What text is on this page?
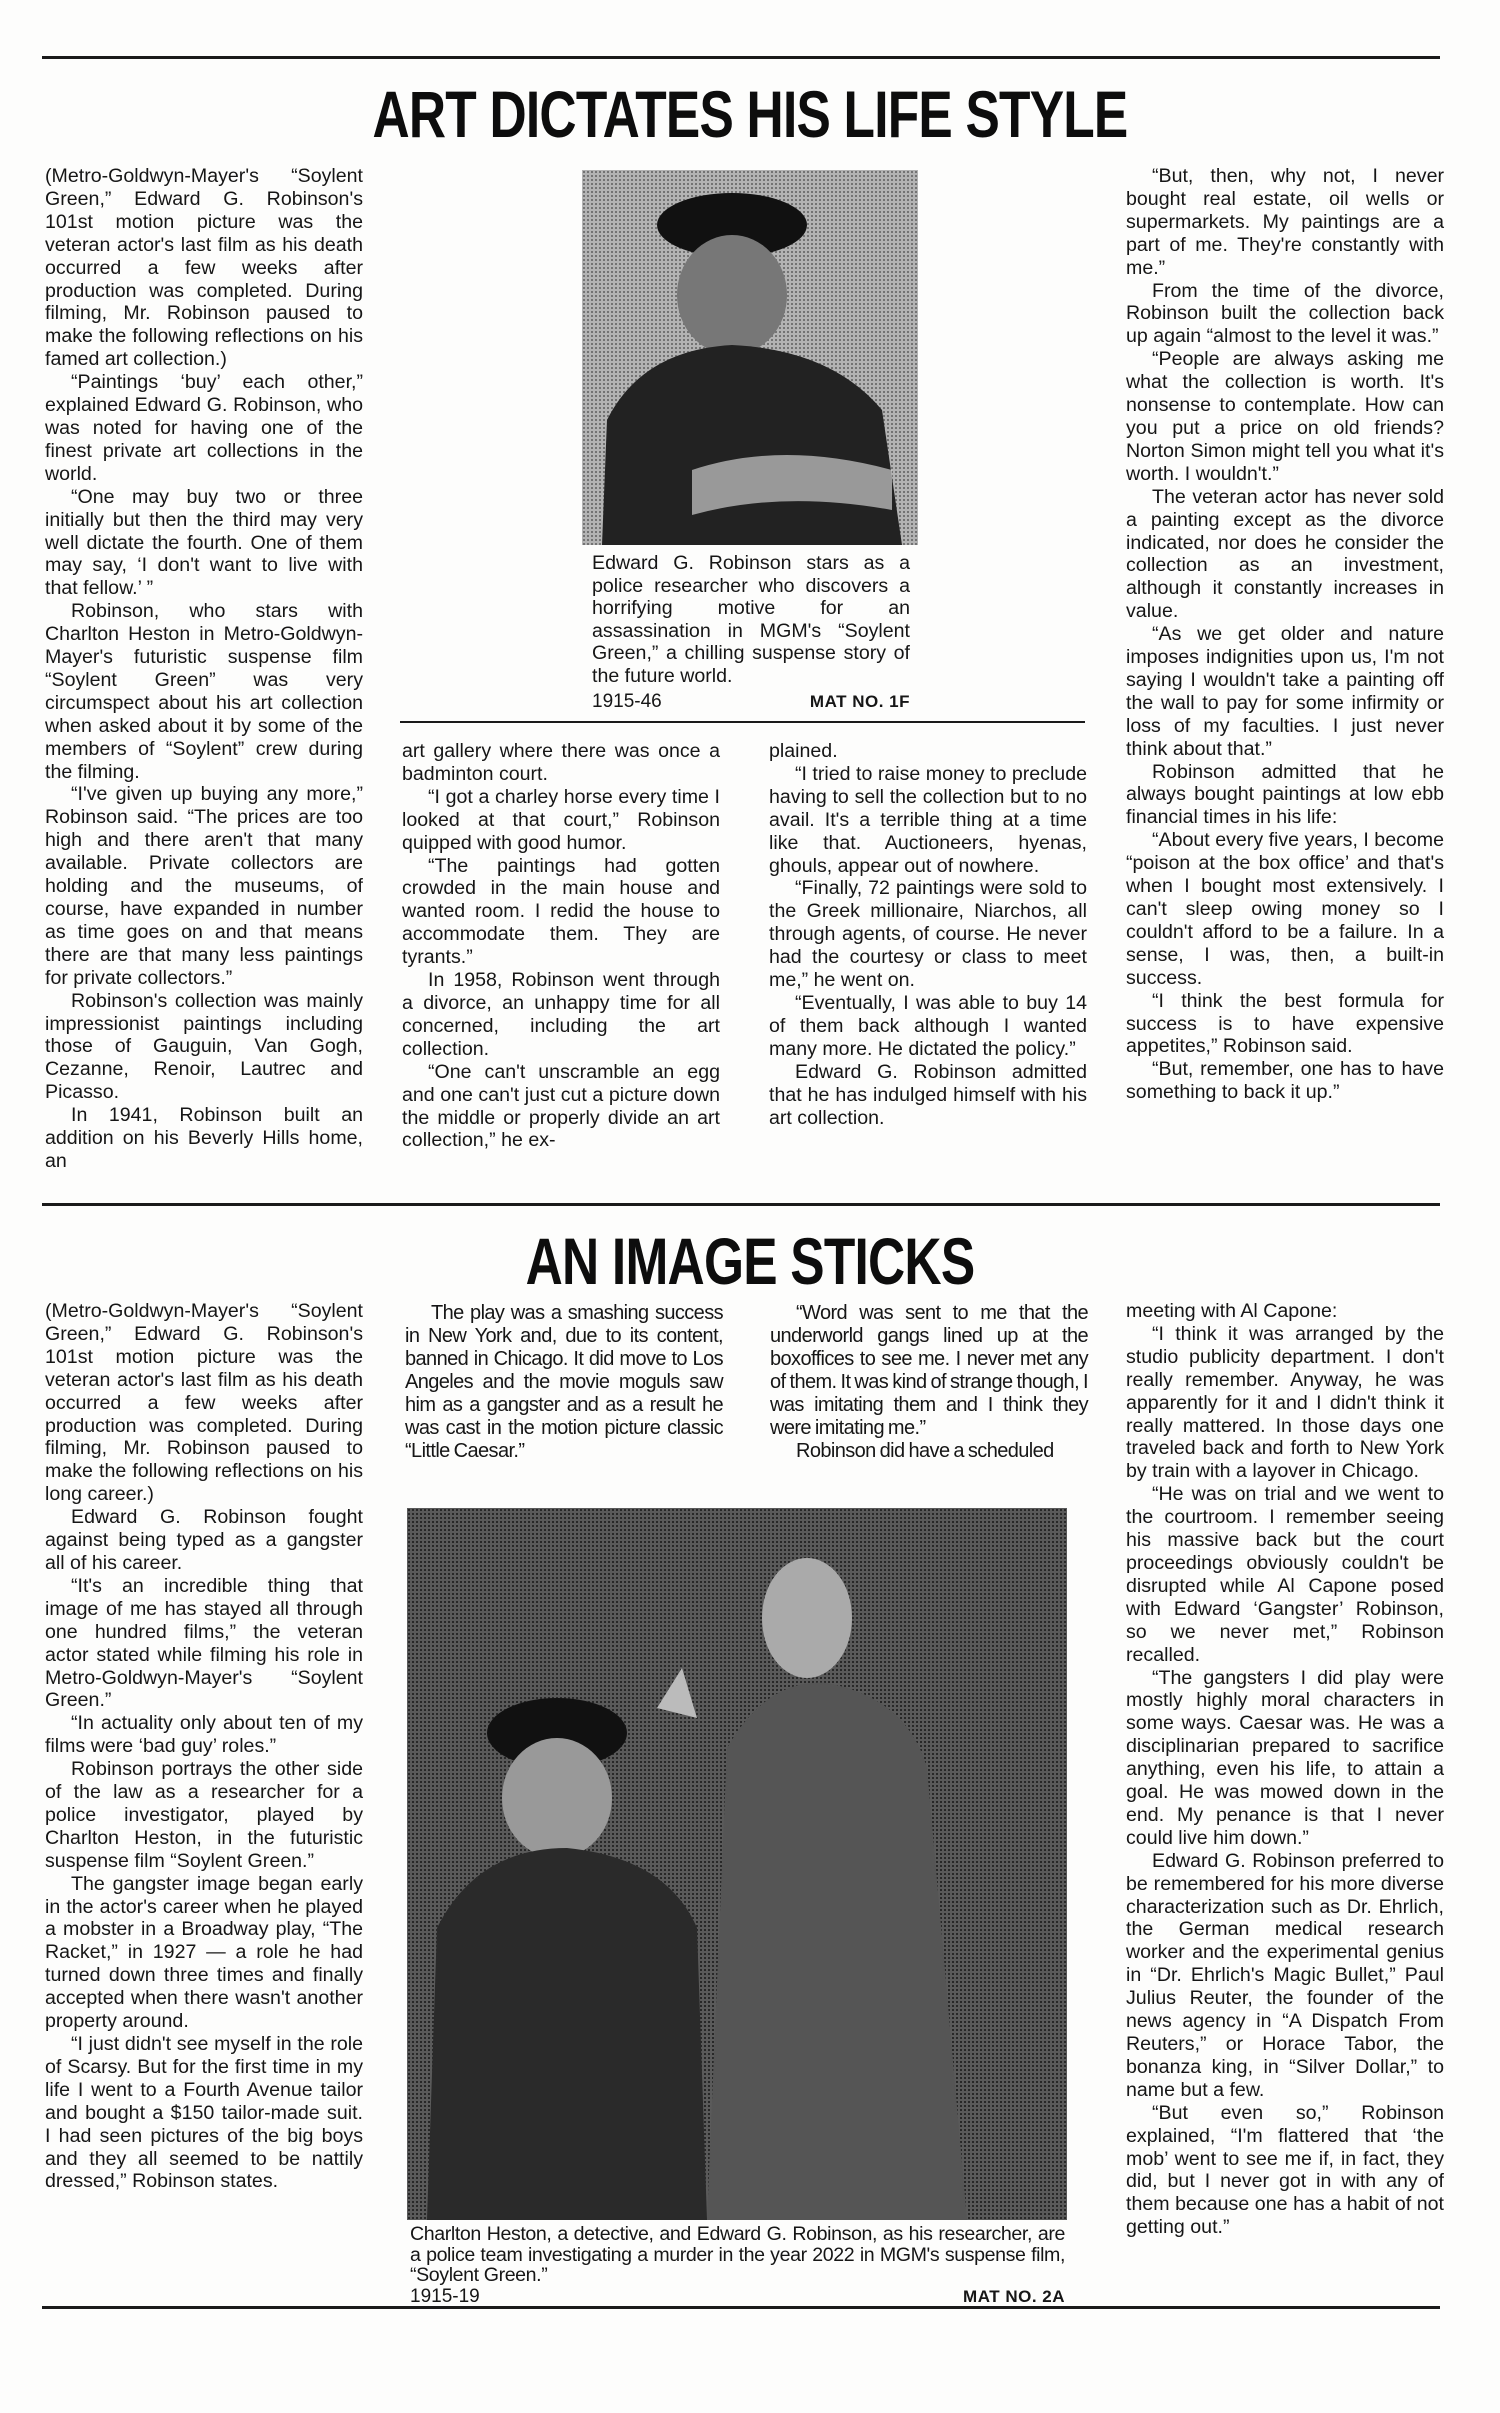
ART DICTATES HIS LIFE STYLE

(Metro-Goldwyn-Mayer's “Soylent Green,” Edward G. Robinson's 101st motion picture was the veteran actor's last film as his death occurred a few weeks after production was completed. During filming, Mr. Robinson paused to make the following reflections on his famed art collection.)

“Paintings ‘buy’ each other,” explained Edward G. Robinson, who was noted for having one of the finest private art collections in the world.

“One may buy two or three initially but then the third may very well dictate the fourth. One of them may say, ‘I don't want to live with that fellow.’ ”

Robinson, who stars with Charlton Heston in Metro-Goldwyn-Mayer's futuristic suspense film “Soylent Green” was very circumspect about his art collection when asked about it by some of the members of “Soylent” crew during the filming.

“I've given up buying any more,” Robinson said. “The prices are too high and there aren't that many available. Private collectors are holding and the museums, of course, have expanded in number as time goes on and that means there are that many less paintings for private collectors.”

Robinson's collection was mainly impressionist paintings including those of Gauguin, Van Gogh, Cezanne, Renoir, Lautrec and Picasso.

In 1941, Robinson built an addition on his Beverly Hills home, an

Edward G. Robinson stars as a police researcher who discovers a horrifying motive for an assassination in MGM's “Soylent Green,” a chilling suspense story of the future world.
1915-46	MAT NO. 1F

art gallery where there was once a badminton court.

“I got a charley horse every time I looked at that court,” Robinson quipped with good humor.

“The paintings had gotten crowded in the main house and wanted room. I redid the house to accommodate them. They are tyrants.”

In 1958, Robinson went through a divorce, an unhappy time for all concerned, including the art collection.

“One can't unscramble an egg and one can't just cut a picture down the middle or properly divide an art collection,” he ex-

plained.

“I tried to raise money to preclude having to sell the collection but to no avail. It's a terrible thing at a time like that. Auctioneers, hyenas, ghouls, appear out of nowhere.

“Finally, 72 paintings were sold to the Greek millionaire, Niarchos, all through agents, of course. He never had the courtesy or class to meet me,” he went on.

“Eventually, I was able to buy 14 of them back although I wanted many more. He dictated the policy.”

Edward G. Robinson admitted that he has indulged himself with his art collection.

“But, then, why not, I never bought real estate, oil wells or supermarkets. My paintings are a part of me. They're constantly with me.”

From the time of the divorce, Robinson built the collection back up again “almost to the level it was.”

“People are always asking me what the collection is worth. It's nonsense to contemplate. How can you put a price on old friends? Norton Simon might tell you what it's worth. I wouldn't.”

The veteran actor has never sold a painting except as the divorce indicated, nor does he consider the collection as an investment, although it constantly increases in value.

“As we get older and nature imposes indignities upon us, I'm not saying I wouldn't take a painting off the wall to pay for some infirmity or loss of my faculties. I just never think about that.”

Robinson admitted that he always bought paintings at low ebb financial times in his life:

“About every five years, I become “poison at the box office’ and that's when I bought most extensively. I can't sleep owing money so I couldn't afford to be a failure. In a sense, I was, then, a built-in success.

“I think the best formula for success is to have expensive appetites,” Robinson said.

“But, remember, one has to have something to back it up.”

AN IMAGE STICKS

(Metro-Goldwyn-Mayer's “Soylent Green,” Edward G. Robinson's 101st motion picture was the veteran actor's last film as his death occurred a few weeks after production was completed. During filming, Mr. Robinson paused to make the following reflections on his long career.)

Edward G. Robinson fought against being typed as a gangster all of his career.

“It's an incredible thing that image of me has stayed all through one hundred films,” the veteran actor stated while filming his role in Metro-Goldwyn-Mayer's “Soylent Green.”

“In actuality only about ten of my films were ‘bad guy’ roles.”

Robinson portrays the other side of the law as a researcher for a police investigator, played by Charlton Heston, in the futuristic suspense film “Soylent Green.”

The gangster image began early in the actor's career when he played a mobster in a Broadway play, “The Racket,” in 1927 — a role he had turned down three times and finally accepted when there wasn't another property around.

“I just didn't see myself in the role of Scarsy. But for the first time in my life I went to a Fourth Avenue tailor and bought a $150 tailor-made suit. I had seen pictures of the big boys and they all seemed to be nattily dressed,” Robinson states.

The play was a smashing success in New York and, due to its content, banned in Chicago. It did move to Los Angeles and the movie moguls saw him as a gangster and as a result he was cast in the motion picture classic “Little Caesar.”

“Word was sent to me that the underworld gangs lined up at the boxoffices to see me. I never met any of them. It was kind of strange though, I was imitating them and I think they were imitating me.”

Robinson did have a scheduled

Charlton Heston, a detective, and Edward G. Robinson, as his researcher, are a police team investigating a murder in the year 2022 in MGM's suspense film, “Soylent Green.”
1915-19	MAT NO. 2A

meeting with Al Capone:

“I think it was arranged by the studio publicity department. I don't really remember. Anyway, he was apparently for it and I didn't think it really mattered. In those days one traveled back and forth to New York by train with a layover in Chicago.

“He was on trial and we went to the courtroom. I remember seeing his massive back but the court proceedings obviously couldn't be disrupted while Al Capone posed with Edward ‘Gangster’ Robinson, so we never met,” Robinson recalled.

“The gangsters I did play were mostly highly moral characters in some ways. Caesar was. He was a disciplinarian prepared to sacrifice anything, even his life, to attain a goal. He was mowed down in the end. My penance is that I never could live him down.”

Edward G. Robinson preferred to be remembered for his more diverse characterization such as Dr. Ehrlich, the German medical research worker and the experimental genius in “Dr. Ehrlich's Magic Bullet,” Paul Julius Reuter, the founder of the news agency in “A Dispatch From Reuters,” or Horace Tabor, the bonanza king, in “Silver Dollar,” to name but a few.

“But even so,” Robinson explained, “I'm flattered that ‘the mob’ went to see me if, in fact, they did, but I never got in with any of them because one has a habit of not getting out.”
